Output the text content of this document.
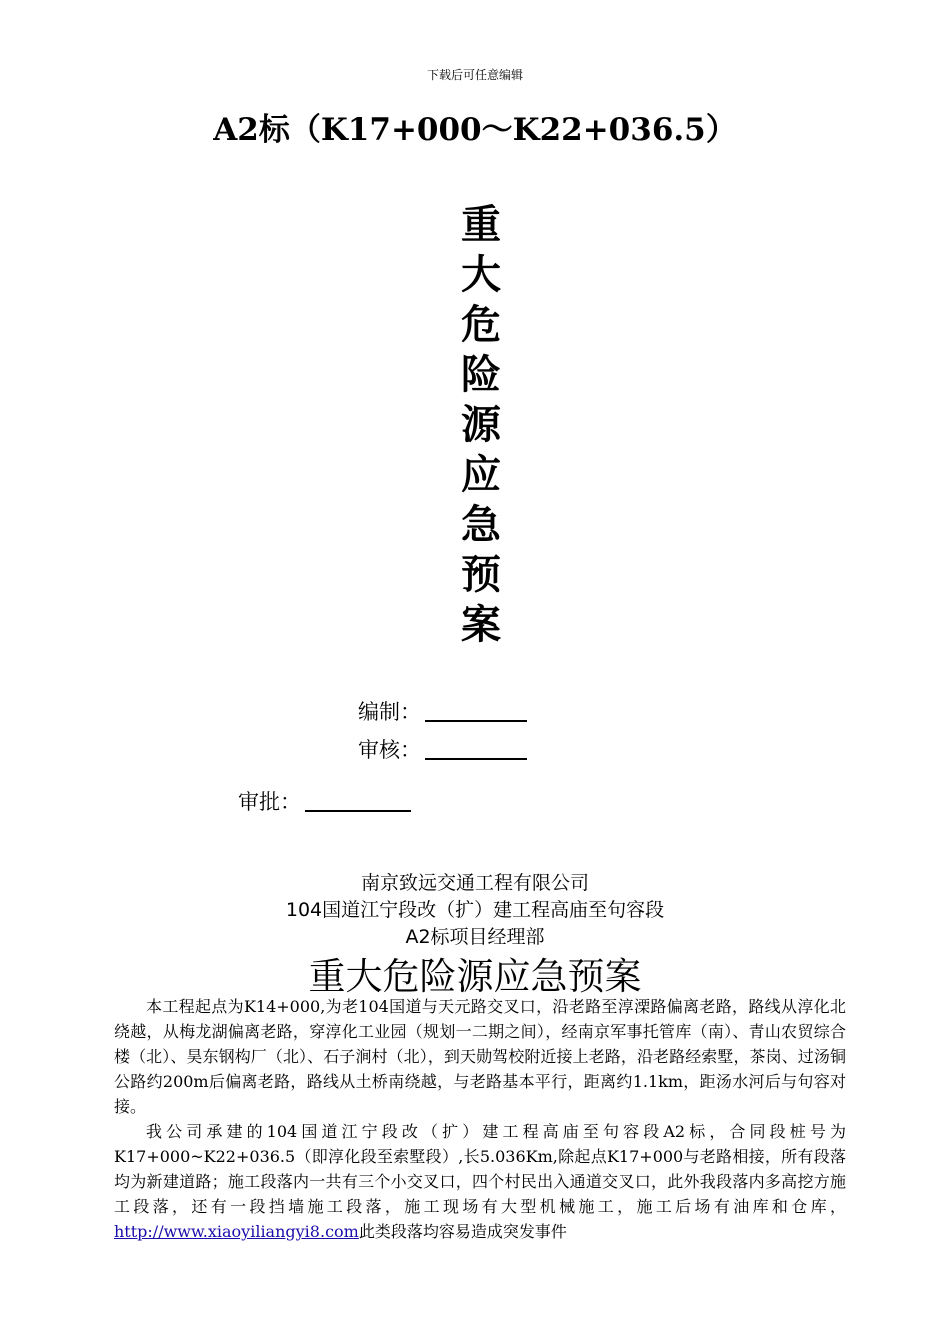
下载后可任意编辑
A2标（K17+000～K22+036.5）
重
大
危
险
源
应
急
预
案
编制：
审核：
审批：
南京致远交通工程有限公司
104国道江宁段改（扩）建工程高庙至句容段
A2标项目经理部
重大危险源应急预案

本工程起点为K14+000,为老104国道与天元路交叉口，沿老路至淳溧路偏离老路，路线从淳化北绕越，从梅龙湖偏离老路，穿淳化工业园（规划一二期之间），经南京军事托管库（南）、青山农贸综合楼（北）、昊东钢构厂（北）、石子涧村（北），到天勋驾校附近接上老路，沿老路经索墅，茶岗、过汤铜公路约200m后偏离老路，路线从土桥南绕越，与老路基本平行，距离约1.1km，距汤水河后与句容对接。

我公司承建的104国道江宁段改（扩）建工程高庙至句容段A2标，合同段桩号为K17+000~K22+036.5（即淳化段至索墅段）,长5.036Km,除起点K17+000与老路相接，所有段落均为新建道路；施工段落内一共有三个小交叉口，四个村民出入通道交叉口，此外我段落内多高挖方施工段落，还有一段挡墙施工段落，施工现场有大型机械施工，施工后场有油库和仓库，http://www.xiaoyiliangyi8.com此类段落均容易造成突发事件
